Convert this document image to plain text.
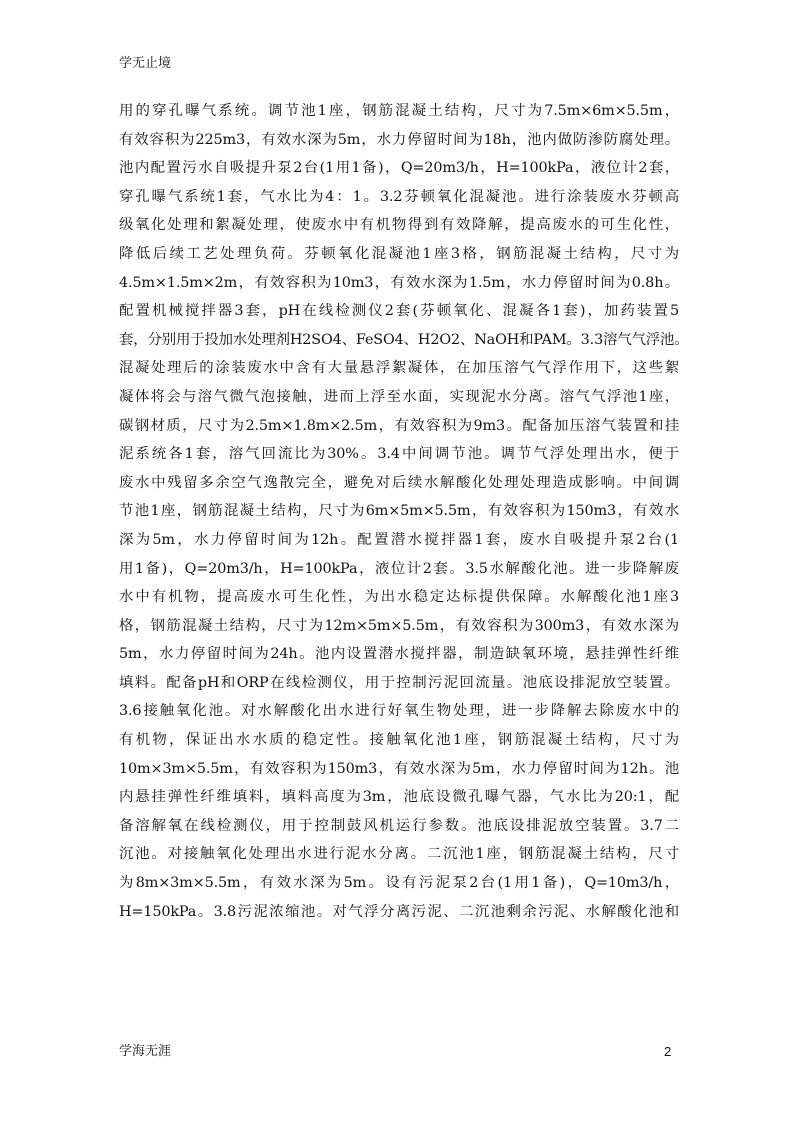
学无止境
用的穿孔曝气系统。调节池1座，钢筋混凝土结构，尺寸为7.5m×6m×5.5m，
有效容积为225m3，有效水深为5m，水力停留时间为18h，池内做防渗防腐处理。
池内配置污水自吸提升泵2台(1用1备)，Q=20m3/h，H=100kPa，液位计2套，
穿孔曝气系统1套，气水比为4：1。3.2芬顿氧化混凝池。进行涂装废水芬顿高
级氧化处理和絮凝处理，使废水中有机物得到有效降解，提高废水的可生化性，
降低后续工艺处理负荷。芬顿氧化混凝池1座3格，钢筋混凝土结构，尺寸为
4.5m×1.5m×2m，有效容积为10m3，有效水深为1.5m，水力停留时间为0.8h。
配置机械搅拌器3套，pH在线检测仪2套(芬顿氧化、混凝各1套)，加药装置5
套，分别用于投加水处理剂H2SO4、FeSO4、H2O2、NaOH和PAM。3.3溶气气浮池。
混凝处理后的涂装废水中含有大量悬浮絮凝体，在加压溶气气浮作用下，这些絮
凝体将会与溶气微气泡接触，进而上浮至水面，实现泥水分离。溶气气浮池1座，
碳钢材质，尺寸为2.5m×1.8m×2.5m，有效容积为9m3。配备加压溶气装置和挂
泥系统各1套，溶气回流比为30%。3.4中间调节池。调节气浮处理出水，便于
废水中残留多余空气逸散完全，避免对后续水解酸化处理处理造成影响。中间调
节池1座，钢筋混凝土结构，尺寸为6m×5m×5.5m，有效容积为150m3，有效水
深为5m，水力停留时间为12h。配置潜水搅拌器1套，废水自吸提升泵2台(1
用1备)，Q=20m3/h，H=100kPa，液位计2套。3.5水解酸化池。进一步降解废
水中有机物，提高废水可生化性，为出水稳定达标提供保障。水解酸化池1座3
格，钢筋混凝土结构，尺寸为12m×5m×5.5m，有效容积为300m3，有效水深为
5m，水力停留时间为24h。池内设置潜水搅拌器，制造缺氧环境，悬挂弹性纤维
填料。配备pH和ORP在线检测仪，用于控制污泥回流量。池底设排泥放空装置。
3.6接触氧化池。对水解酸化出水进行好氧生物处理，进一步降解去除废水中的
有机物，保证出水水质的稳定性。接触氧化池1座，钢筋混凝土结构，尺寸为
10m×3m×5.5m，有效容积为150m3，有效水深为5m，水力停留时间为12h。池
内悬挂弹性纤维填料，填料高度为3m，池底设微孔曝气器，气水比为20:1，配
备溶解氧在线检测仪，用于控制鼓风机运行参数。池底设排泥放空装置。3.7二
沉池。对接触氧化处理出水进行泥水分离。二沉池1座，钢筋混凝土结构，尺寸
为8m×3m×5.5m，有效水深为5m。设有污泥泵2台(1用1备)，Q=10m3/h，
H=150kPa。3.8污泥浓缩池。对气浮分离污泥、二沉池剩余污泥、水解酸化池和
学海无涯	2
